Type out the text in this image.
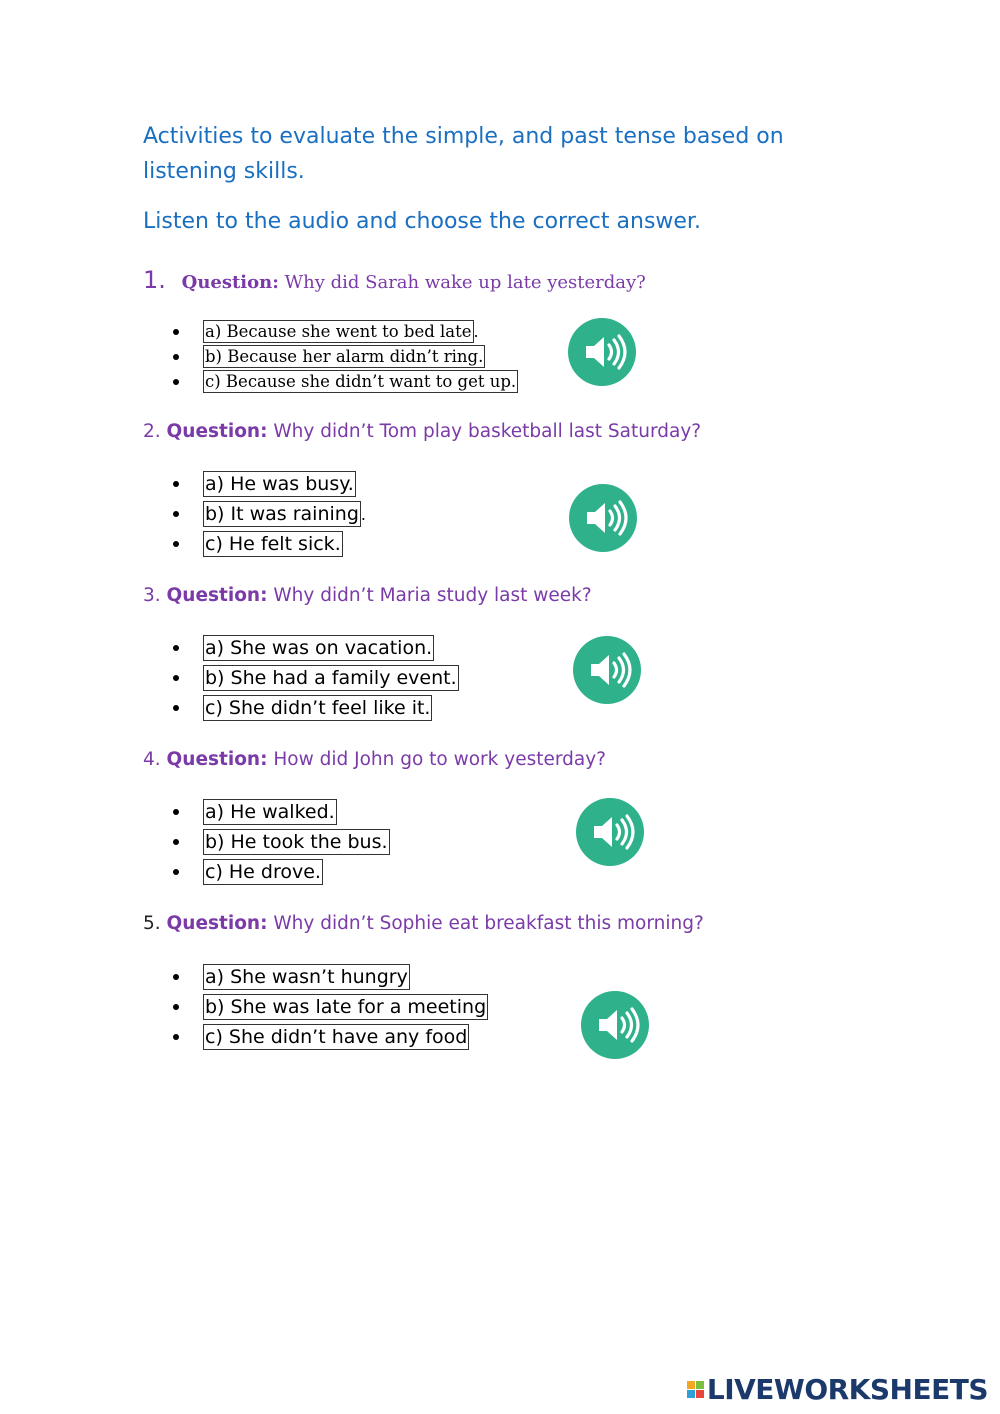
Activities to evaluate the simple, and past tense based on listening skills.
Listen to the audio and choose the correct answer.
1. Question: Why did Sarah wake up late yesterday?
a) Because she went to bed late .
b) Because her alarm didn’t ring.
c) Because she didn’t want to get up.
2. Question: Why didn’t Tom play basketball last Saturday?
a) He was busy.
b) It was raining .
c) He felt sick.
3. Question: Why didn’t Maria study last week?
a) She was on vacation.
b) She had a family event.
c) She didn’t feel like it.
4. Question: How did John go to work yesterday?
a) He walked.
b) He took the bus.
c) He drove.
5. Question: Why didn’t Sophie eat breakfast this morning?
a) She wasn’t hungry
b) She was late for a meeting
c) She didn’t have any food
LIVEWORKSHEETS
